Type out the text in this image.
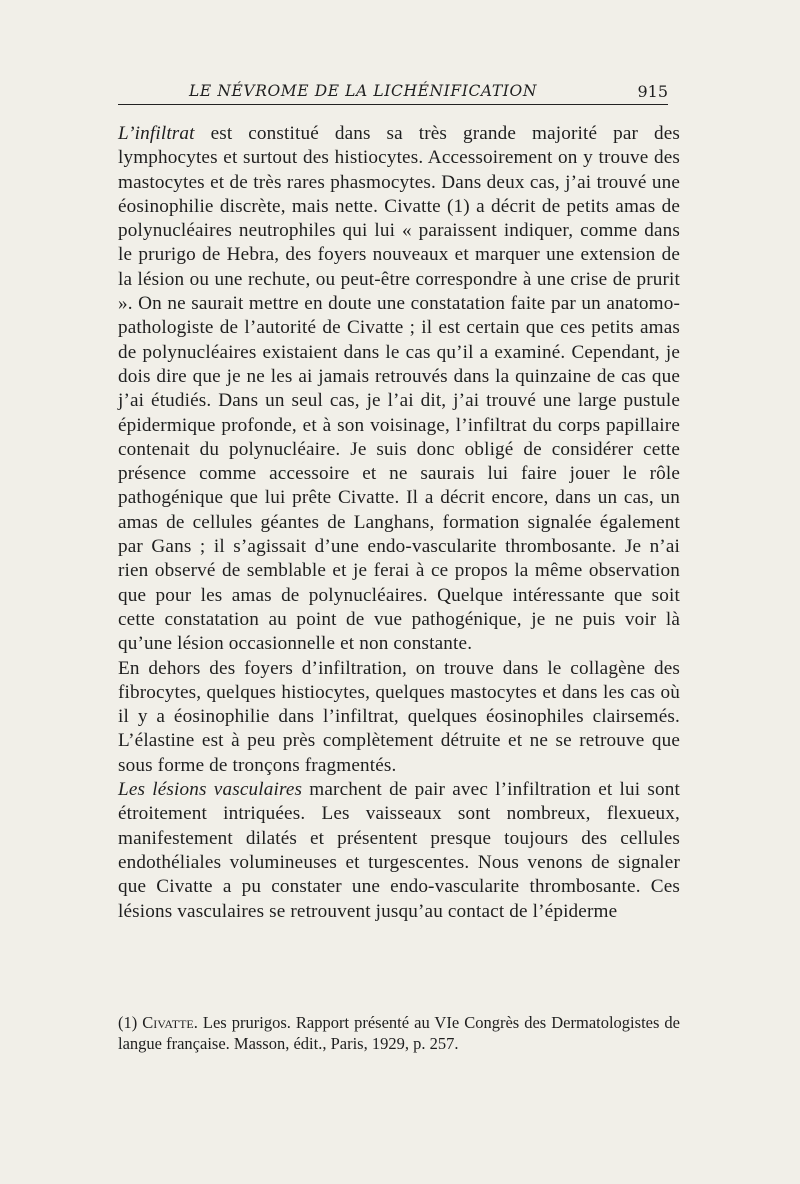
LE NÉVROME DE LA LICHÉNIFICATION	915

L’infiltrat est constitué dans sa très grande majorité par des lymphocytes et surtout des histiocytes. Accessoirement on y trouve des mastocytes et de très rares phasmocytes. Dans deux cas, j’ai trouvé une éosinophilie discrète, mais nette. Civatte (1) a décrit de petits amas de polynucléaires neutrophiles qui lui « paraissent indiquer, comme dans le prurigo de Hebra, des foyers nouveaux et marquer une extension de la lésion ou une rechute, ou peut-être correspondre à une crise de prurit ». On ne saurait mettre en doute une constatation faite par un anatomo-pathologiste de l’autorité de Civatte ; il est certain que ces petits amas de polynucléaires existaient dans le cas qu’il a examiné. Cependant, je dois dire que je ne les ai jamais retrouvés dans la quinzaine de cas que j’ai étudiés. Dans un seul cas, je l’ai dit, j’ai trouvé une large pustule épidermique profonde, et à son voisinage, l’infiltrat du corps papillaire contenait du polynucléaire. Je suis donc obligé de considérer cette présence comme accessoire et ne saurais lui faire jouer le rôle pathogénique que lui prête Civatte. Il a décrit encore, dans un cas, un amas de cellules géantes de Langhans, formation signalée également par Gans ; il s’agissait d’une endo-vascularite thrombosante. Je n’ai rien observé de semblable et je ferai à ce propos la même observation que pour les amas de polynucléaires. Quelque intéressante que soit cette constatation au point de vue pathogénique, je ne puis voir là qu’une lésion occasionnelle et non constante.

En dehors des foyers d’infiltration, on trouve dans le collagène des fibrocytes, quelques histiocytes, quelques mastocytes et dans les cas où il y a éosinophilie dans l’infiltrat, quelques éosinophiles clairsemés. L’élastine est à peu près complètement détruite et ne se retrouve que sous forme de tronçons fragmentés.

Les lésions vasculaires marchent de pair avec l’infiltration et lui sont étroitement intriquées. Les vaisseaux sont nombreux, flexueux, manifestement dilatés et présentent presque toujours des cellules endothéliales volumineuses et turgescentes. Nous venons de signaler que Civatte a pu constater une endo-vascularite thrombosante. Ces lésions vasculaires se retrouvent jusqu’au contact de l’épiderme

(1) Civatte. Les prurigos. Rapport présenté au VIe Congrès des Dermatologistes de langue française. Masson, édit., Paris, 1929, p. 257.
